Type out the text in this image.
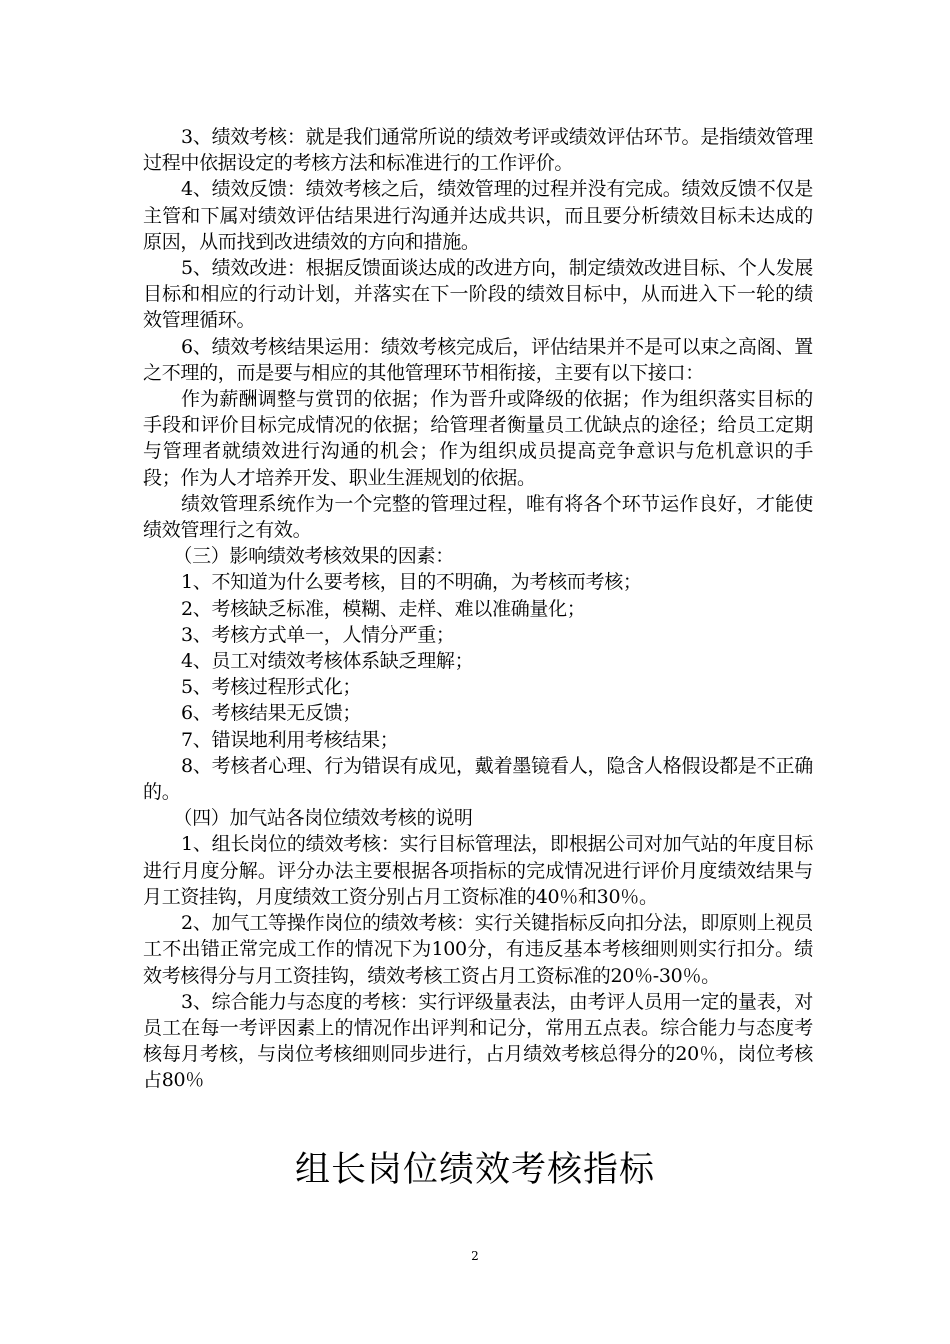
3、绩效考核：就是我们通常所说的绩效考评或绩效评估环节。是指绩效管理过程中依据设定的考核方法和标准进行的工作评价。

4、绩效反馈：绩效考核之后，绩效管理的过程并没有完成。绩效反馈不仅是主管和下属对绩效评估结果进行沟通并达成共识，而且要分析绩效目标未达成的原因，从而找到改进绩效的方向和措施。

5、绩效改进：根据反馈面谈达成的改进方向，制定绩效改进目标、个人发展目标和相应的行动计划，并落实在下一阶段的绩效目标中，从而进入下一轮的绩效管理循环。

6、绩效考核结果运用：绩效考核完成后，评估结果并不是可以束之高阁、置之不理的，而是要与相应的其他管理环节相衔接，主要有以下接口：

作为薪酬调整与赏罚的依据；作为晋升或降级的依据；作为组织落实目标的手段和评价目标完成情况的依据；给管理者衡量员工优缺点的途径；给员工定期与管理者就绩效进行沟通的机会；作为组织成员提高竞争意识与危机意识的手段；作为人才培养开发、职业生涯规划的依据。

绩效管理系统作为一个完整的管理过程，唯有将各个环节运作良好，才能使绩效管理行之有效。

（三）影响绩效考核效果的因素：

1、不知道为什么要考核，目的不明确，为考核而考核；

2、考核缺乏标准，模糊、走样、难以准确量化；

3、考核方式单一，人情分严重；

4、员工对绩效考核体系缺乏理解；

5、考核过程形式化；

6、考核结果无反馈；

7、错误地利用考核结果；

8、考核者心理、行为错误有成见，戴着墨镜看人，隐含人格假设都是不正确的。

（四）加气站各岗位绩效考核的说明

1、组长岗位的绩效考核：实行目标管理法，即根据公司对加气站的年度目标进行月度分解。评分办法主要根据各项指标的完成情况进行评价月度绩效结果与月工资挂钩，月度绩效工资分别占月工资标准的40％和30％。

2、加气工等操作岗位的绩效考核：实行关键指标反向扣分法，即原则上视员工不出错正常完成工作的情况下为100分，有违反基本考核细则则实行扣分。绩效考核得分与月工资挂钩，绩效考核工资占月工资标准的20％-30％。

3、综合能力与态度的考核：实行评级量表法，由考评人员用一定的量表，对员工在每一考评因素上的情况作出评判和记分，常用五点表。综合能力与态度考核每月考核，与岗位考核细则同步进行，占月绩效考核总得分的20％，岗位考核占80％

组长岗位绩效考核指标
2
